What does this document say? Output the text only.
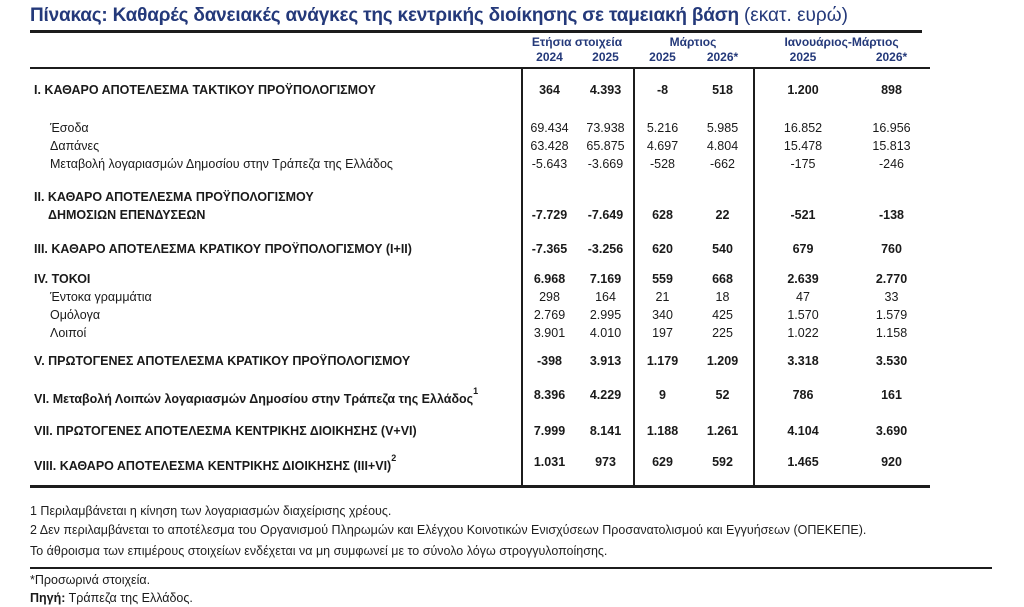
Πίνακας: Καθαρές δανειακές ανάγκες της κεντρικής διοίκησης σε ταμειακή βάση (εκατ. ευρώ)
Ετήσια στοιχεία	Μάρτιος	Ιανουάριος-Μάρτιος
2024	2025	2025	2026*	2025	2026*
I. ΚΑΘΑΡΟ ΑΠΟΤΕΛΕΣΜΑ ΤΑΚΤΙΚΟΥ ΠΡΟΫΠΟΛΟΓΙΣΜΟΥ	364	4.393	-8	518	1.200	898
Έσοδα	69.434	73.938	5.216	5.985	16.852	16.956
Δαπάνες	63.428	65.875	4.697	4.804	15.478	15.813
Μεταβολή λογαριασμών Δημοσίου στην Τράπεζα της Ελλάδος	-5.643	-3.669	-528	-662	-175	-246
II. ΚΑΘΑΡΟ ΑΠΟΤΕΛΕΣΜΑ ΠΡΟΫΠΟΛΟΓΙΣΜΟΥ
ΔΗΜΟΣΙΩΝ ΕΠΕΝΔΥΣΕΩΝ	-7.729	-7.649	628	22	-521	-138
III. ΚΑΘΑΡΟ ΑΠΟΤΕΛΕΣΜΑ ΚΡΑΤΙΚΟΥ ΠΡΟΫΠΟΛΟΓΙΣΜΟΥ (I+II)	-7.365	-3.256	620	540	679	760
IV. ΤΟΚΟΙ	6.968	7.169	559	668	2.639	2.770
Έντοκα γραμμάτια	298	164	21	18	47	33
Ομόλογα	2.769	2.995	340	425	1.570	1.579
Λοιποί	3.901	4.010	197	225	1.022	1.158
V. ΠΡΩΤΟΓΕΝΕΣ ΑΠΟΤΕΛΕΣΜΑ ΚΡΑΤΙΚΟΥ ΠΡΟΫΠΟΛΟΓΙΣΜΟΥ	-398	3.913	1.179	1.209	3.318	3.530
VI. Μεταβολή Λοιπών λογαριασμών Δημοσίου στην Τράπεζα της Ελλάδος$^1$	8.396	4.229	9	52	786	161
VII. ΠΡΩΤΟΓΕΝΕΣ ΑΠΟΤΕΛΕΣΜΑ ΚΕΝΤΡΙΚΗΣ ΔΙΟΙΚΗΣΗΣ (V+VI)	7.999	8.141	1.188	1.261	4.104	3.690
VIII. ΚΑΘΑΡΟ ΑΠΟΤΕΛΕΣΜΑ ΚΕΝΤΡΙΚΗΣ ΔΙΟΙΚΗΣΗΣ $(III+VI)^2$	1.031	973	629	592	1.465	920
1 Περιλαμβάνεται η κίνηση των λογαριασμών διαχείρισης χρέους.
2 Δεν περιλαμβάνεται το αποτέλεσμα του Οργανισμού Πληρωμών και Ελέγχου Κοινοτικών Ενισχύσεων Προσανατολισμού και Εγγυήσεων (ΟΠΕΚΕΠΕ).
Το άθροισμα των επιμέρους στοιχείων ενδέχεται να μη συμφωνεί με το σύνολο λόγω στρογγυλοποίησης.
*Προσωρινά στοιχεία.
Πηγή: Τράπεζα της Ελλάδος.
